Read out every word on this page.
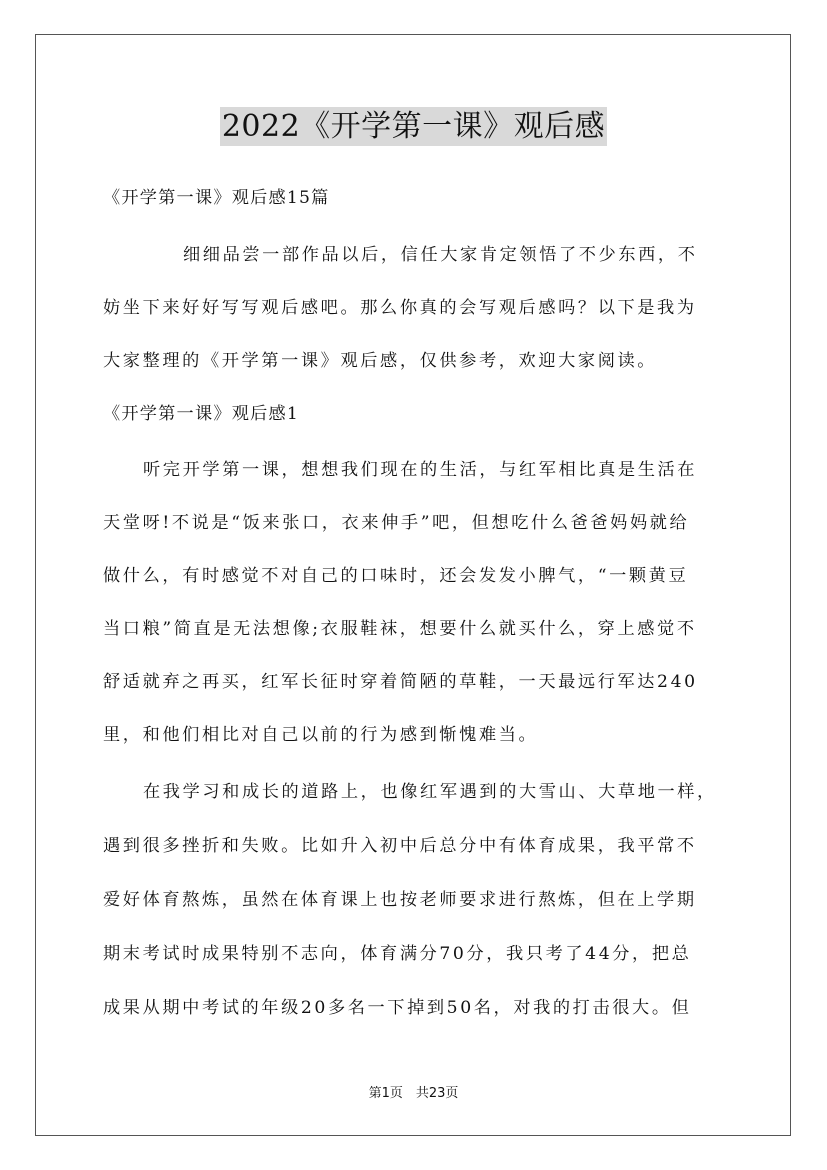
2022《开学第一课》观后感

《开学第一课》观后感15篇

细细品尝一部作品以后，信任大家肯定领悟了不少东西，不

妨坐下来好好写写观后感吧。那么你真的会写观后感吗？以下是我为

大家整理的《开学第一课》观后感，仅供参考，欢迎大家阅读。

《开学第一课》观后感1

听完开学第一课，想想我们现在的生活，与红军相比真是生活在

天堂呀!不说是“饭来张口，衣来伸手”吧，但想吃什么爸爸妈妈就给

做什么，有时感觉不对自己的口味时，还会发发小脾气，“一颗黄豆

当口粮”简直是无法想像;衣服鞋袜，想要什么就买什么，穿上感觉不

舒适就弃之再买，红军长征时穿着简陋的草鞋，一天最远行军达240

里，和他们相比对自己以前的行为感到惭愧难当。

在我学习和成长的道路上，也像红军遇到的大雪山、大草地一样，

遇到很多挫折和失败。比如升入初中后总分中有体育成果，我平常不

爱好体育熬炼，虽然在体育课上也按老师要求进行熬炼，但在上学期

期末考试时成果特别不志向，体育满分70分，我只考了44分，把总

成果从期中考试的年级20多名一下掉到50名，对我的打击很大。但

第1页　共23页
